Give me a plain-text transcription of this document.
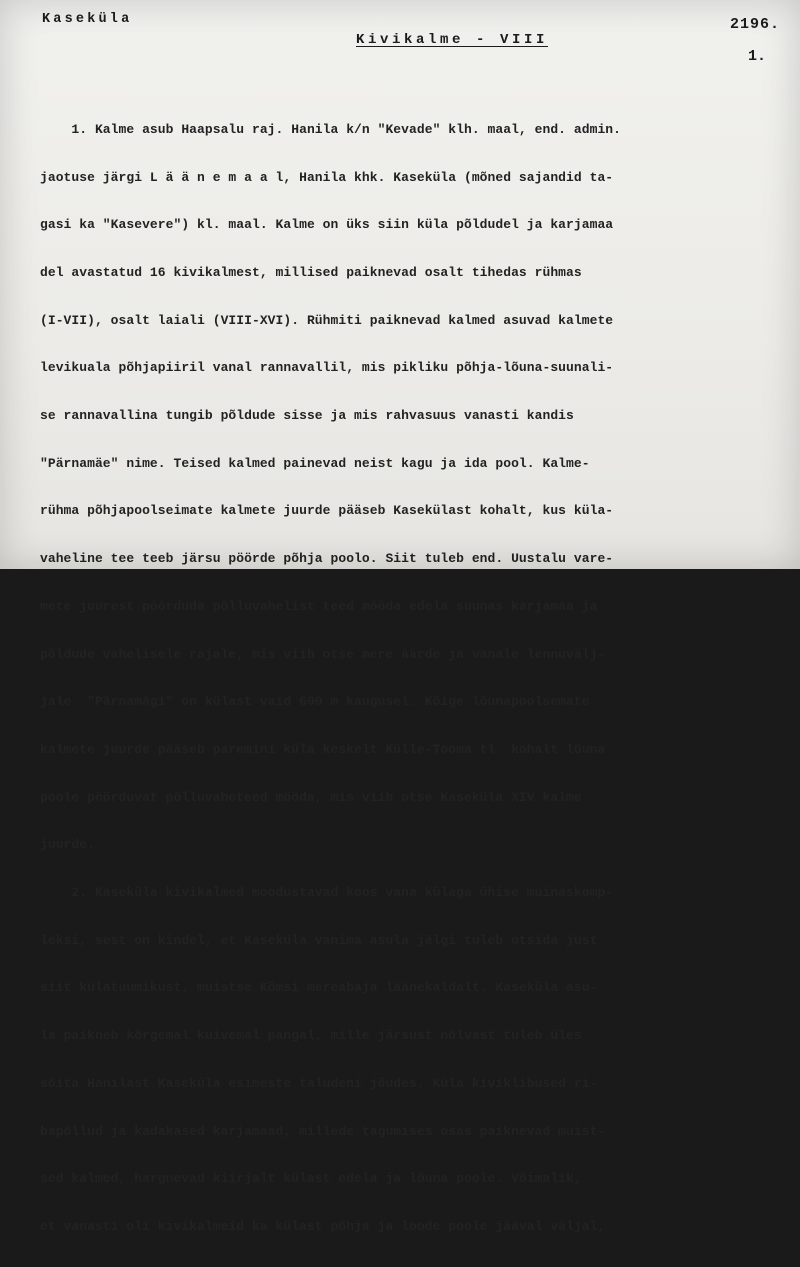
Kaseküla
Kivikalme - VIII
2196.
1.

1. Kalme asub Haapsalu raj. Hanila k/n "Kevade" klh. maal, end. admin.

jaotuse järgi L ä ä n e m a a l, Hanila khk. Kaseküla (mõned sajandid ta-

gasi ka "Kasevere") kl. maal. Kalme on üks siin küla põldudel ja karjamaa

del avastatud 16 kivikalmest, millised paiknevad osalt tihedas rühmas

(I-VII), osalt laiali (VIII-XVI). Rühmiti paiknevad kalmed asuvad kalmete

levikuala põhjapiiril vanal rannavallil, mis pikliku põhja-lõuna-suunali-

se rannavallina tungib põldude sisse ja mis rahvasuus vanasti kandis

"Pärnamäe" nime. Teised kalmed painevad neist kagu ja ida pool. Kalme-

rühma põhjapoolseimate kalmete juurde pääseb Kasekülast kohalt, kus küla-

vaheline tee teeb järsu pöörde põhja poolo. Siit tuleb end. Uustalu vare-

mete juurest pöörduda põlluvahelist teed mööda edela suunas karjamaa ja

põldude vahelisele rajale, mis viib otse mere äärde ja vanale lennuvälj-

jale. "Pärnamägi" on külast vaid 600 m kaugusel. Kõige lõunapoolsemate

kalmete juurde pääseb paremini küla keskelt Külle-Tooma tl. kohalt lõuna

poole pöörduvat põlluvaheteed mööda, mis viib otse Kaseküla XIV kalme

juurde.

2. Kaseküla kivikalmed moodustavad koos vana külaga ühise muinaskomp-

leksi, sest on kindel, et Kaseküla vanima asula jälgi tuleb otsida just

siit külatuumikust, muistse Kõmsi mereabaja läänekaldalt. Kaseküla asu-

la paikneb kõrgemal kuivemal pangal, mille järsust nõlvast tuleb üles

sõita Hanilast Kaseküla esimeste taludeni jõudes. Küla kiviklibused ri-

bapõllud ja kadakased karjamaad, millede tagumises osas paiknevad muist-

sed kalmed, hargnevad kiirjalt külast edela ja lõuna poole. Võimalik,

et vanasti oli kivikalmeid ka külast põhja ja loode poole jääval väljal,
